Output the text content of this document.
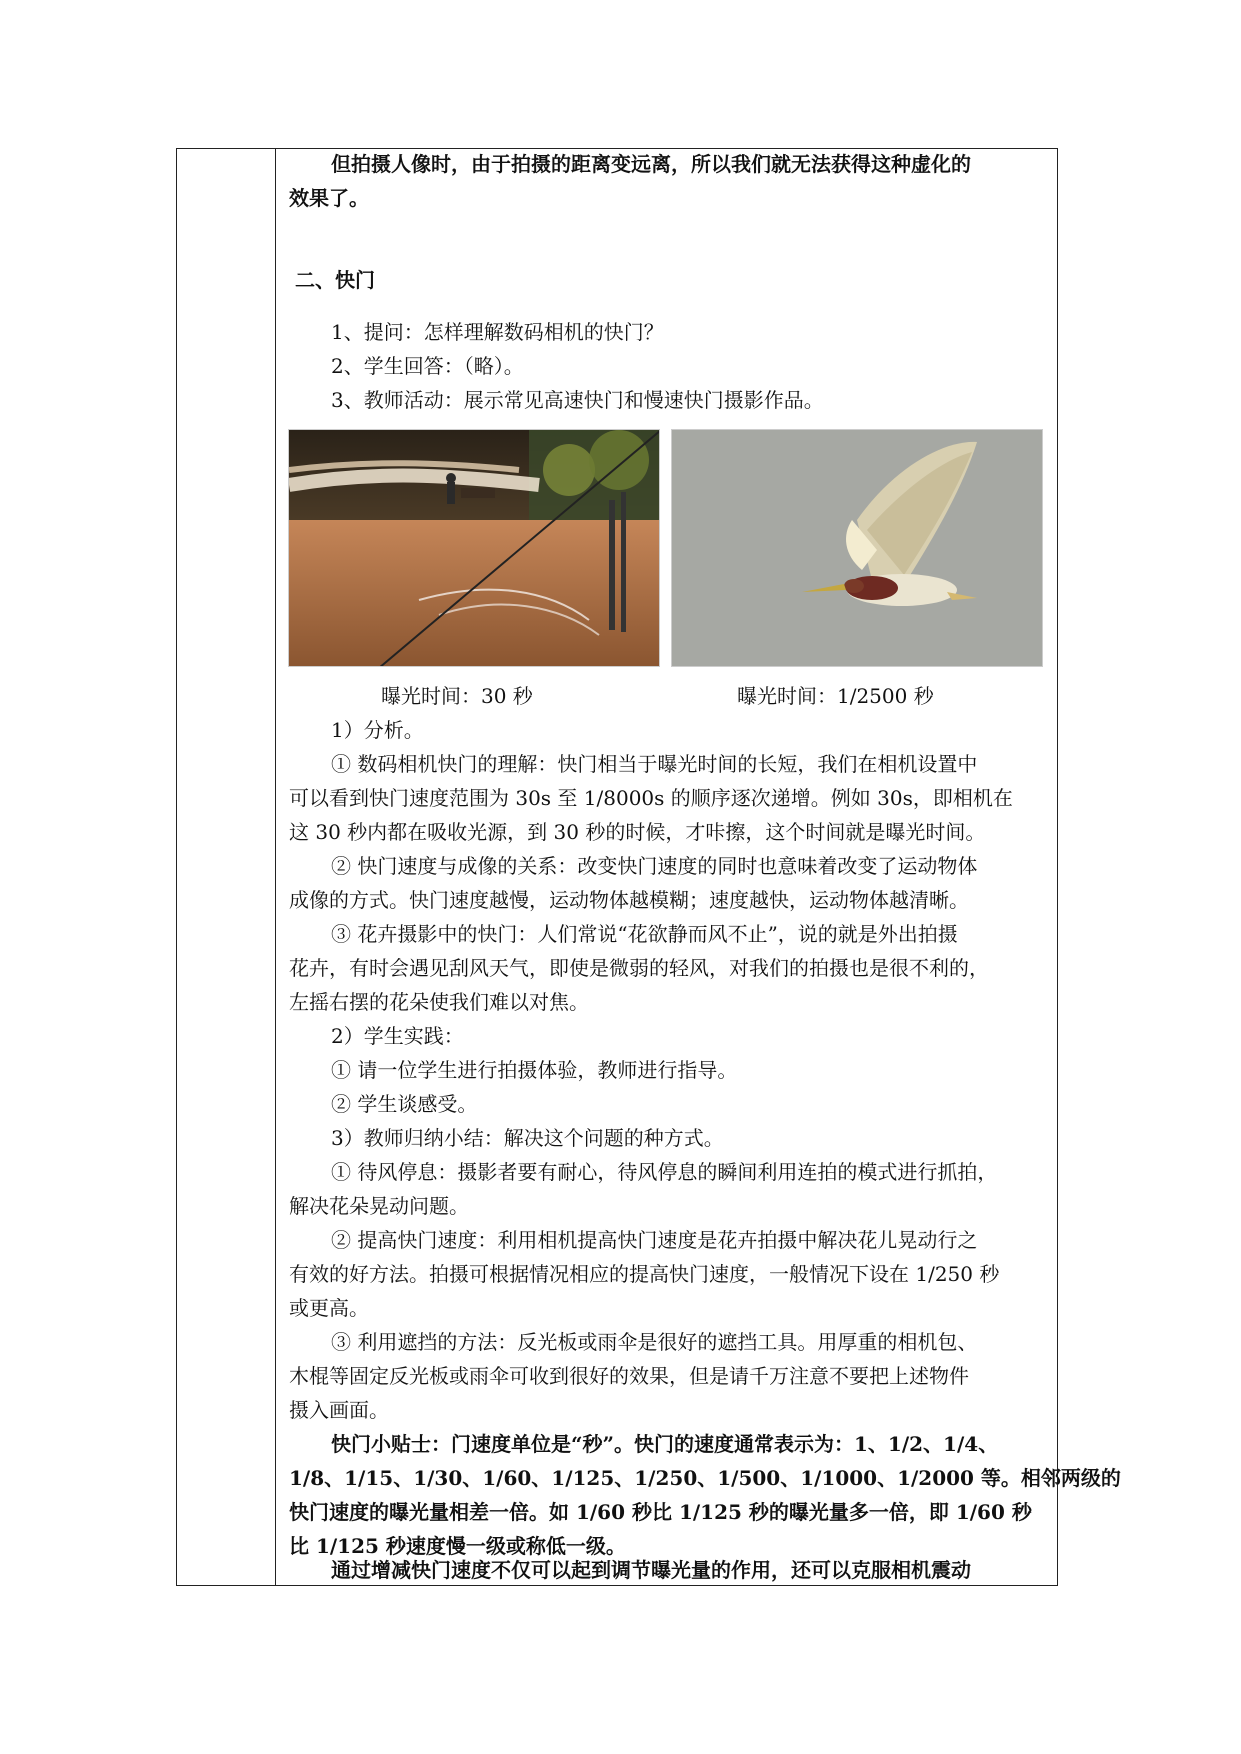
但拍摄人像时，由于拍摄的距离变远离，所以我们就无法获得这种虚化的
效果了。
二、快门
1、提问：怎样理解数码相机的快门？
2、学生回答：（略）。
3、教师活动：展示常见高速快门和慢速快门摄影作品。
曝光时间：30 秒	曝光时间：1/2500 秒
1）分析。
① 数码相机快门的理解：快门相当于曝光时间的长短，我们在相机设置中
可以看到快门速度范围为 30s 至 1/8000s 的顺序逐次递增。例如 30s，即相机在
这 30 秒内都在吸收光源，到 30 秒的时候，才咔擦，这个时间就是曝光时间。
② 快门速度与成像的关系：改变快门速度的同时也意味着改变了运动物体
成像的方式。快门速度越慢，运动物体越模糊；速度越快，运动物体越清晰。
③ 花卉摄影中的快门：人们常说“花欲静而风不止”，说的就是外出拍摄
花卉，有时会遇见刮风天气，即使是微弱的轻风，对我们的拍摄也是很不利的，
左摇右摆的花朵使我们难以对焦。
2）学生实践：
① 请一位学生进行拍摄体验，教师进行指导。
② 学生谈感受。
3）教师归纳小结：解决这个问题的种方式。
① 待风停息：摄影者要有耐心，待风停息的瞬间利用连拍的模式进行抓拍，
解决花朵晃动问题。
② 提高快门速度：利用相机提高快门速度是花卉拍摄中解决花儿晃动行之
有效的好方法。拍摄可根据情况相应的提高快门速度，一般情况下设在 1/250 秒
或更高。
③ 利用遮挡的方法：反光板或雨伞是很好的遮挡工具。用厚重的相机包、
木棍等固定反光板或雨伞可收到很好的效果，但是请千万注意不要把上述物件
摄入画面。
快门小贴士：门速度单位是“秒”。快门的速度通常表示为：1、1/2、1/4、
1/8、1/15、1/30、1/60、1/125、1/250、1/500、1/1000、1/2000 等。相邻两级的
快门速度的曝光量相差一倍。如 1/60 秒比 1/125 秒的曝光量多一倍，即 1/60 秒
比 1/125 秒速度慢一级或称低一级。
通过增减快门速度不仅可以起到调节曝光量的作用，还可以克服相机震动
